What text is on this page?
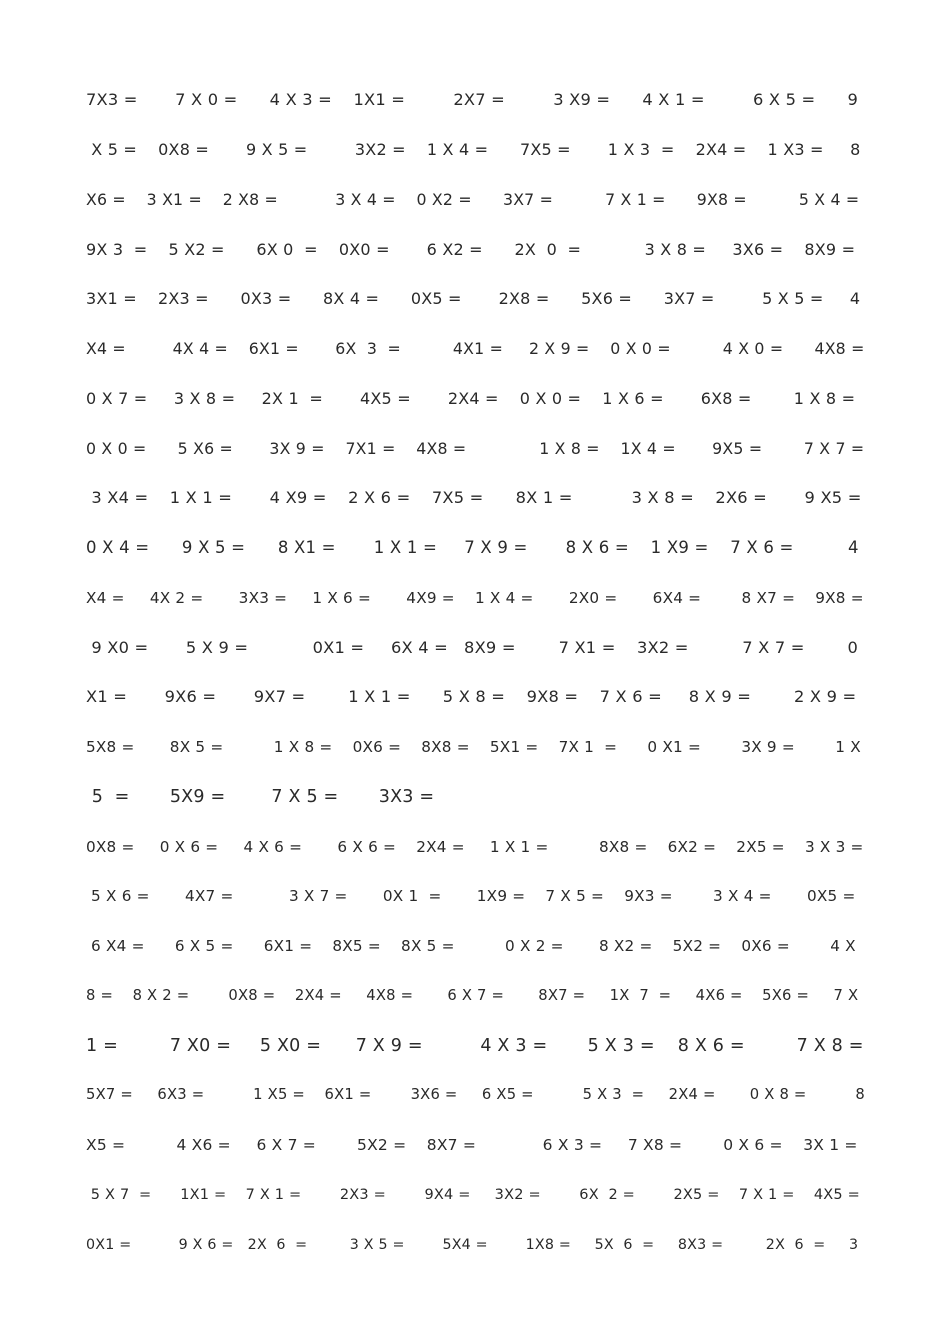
7X3 =       7 X 0 =      4 X 3 =    1X1 =         2X7 =         3 X9 =      4 X 1 =         6 X 5 =      9
X 5 =    0X8 =       9 X 5 =         3X2 =    1 X 4 =      7X5 =       1 X 3  =    2X4 =    1 X3 =     8
X6 =    3 X1 =    2 X8 =           3 X 4 =    0 X2 =      3X7 =          7 X 1 =      9X8 =          5 X 4 =
9X 3  =    5 X2 =      6X 0  =    0X0 =       6 X2 =      2X  0  =            3 X 8 =     3X6 =    8X9 =
3X1 =    2X3 =      0X3 =      8X 4 =      0X5 =       2X8 =      5X6 =      3X7 =         5 X 5 =     4
X4 =         4X 4 =    6X1 =       6X  3  =          4X1 =     2 X 9 =    0 X 0 =          4 X 0 =      4X8 =
0 X 7 =     3 X 8 =     2X 1  =       4X5 =       2X4 =    0 X 0 =    1 X 6 =       6X8 =        1 X 8 =
0 X 0 =      5 X6 =       3X 9 =    7X1 =    4X8 =              1 X 8 =    1X 4 =       9X5 =        7 X 7 =
3 X4 =    1 X 1 =       4 X9 =    2 X 6 =    7X5 =      8X 1 =           3 X 8 =    2X6 =       9 X5 =
0 X 4 =      9 X 5 =      8 X1 =       1 X 1 =     7 X 9 =       8 X 6 =    1 X9 =    7 X 6 =          4
X4 =     4X 2 =       3X3 =     1 X 6 =       4X9 =    1 X 4 =       2X0 =       6X4 =        8 X7 =    9X8 =
9 X0 =       5 X 9 =            0X1 =     6X 4 =   8X9 =        7 X1 =    3X2 =          7 X 7 =        0
X1 =       9X6 =       9X7 =        1 X 1 =      5 X 8 =    9X8 =    7 X 6 =     8 X 9 =        2 X 9 =
5X8 =       8X 5 =          1 X 8 =    0X6 =    8X8 =    5X1 =    7X 1  =      0 X1 =        3X 9 =        1 X
5  =       5X9 =        7 X 5 =       3X3 =
0X8 =     0 X 6 =     4 X 6 =       6 X 6 =    2X4 =     1 X 1 =          8X8 =    6X2 =    2X5 =    3 X 3 =
5 X 6 =       4X7 =           3 X 7 =       0X 1  =       1X9 =    7 X 5 =    9X3 =        3 X 4 =       0X5 =
6 X4 =      6 X 5 =      6X1 =    8X5 =    8X 5 =          0 X 2 =       8 X2 =    5X2 =    0X6 =        4 X
8 =    8 X 2 =        0X8 =    2X4 =     4X8 =       6 X 7 =       8X7 =     1X  7  =     4X6 =    5X6 =     7 X
1 =         7 X0 =     5 X0 =      7 X 9 =          4 X 3 =       5 X 3 =    8 X 6 =         7 X 8 =
5X7 =     6X3 =          1 X5 =    6X1 =        3X6 =     6 X5 =          5 X 3  =     2X4 =       0 X 8 =          8
X5 =          4 X6 =     6 X 7 =        5X2 =    8X7 =             6 X 3 =     7 X8 =        0 X 6 =    3X 1 =
5 X 7  =      1X1 =    7 X 1 =        2X3 =        9X4 =     3X2 =        6X  2 =        2X5 =    7 X 1 =    4X5 =
0X1 =          9 X 6 =   2X  6  =         3 X 5 =        5X4 =        1X8 =     5X  6  =     8X3 =         2X  6  =     3
